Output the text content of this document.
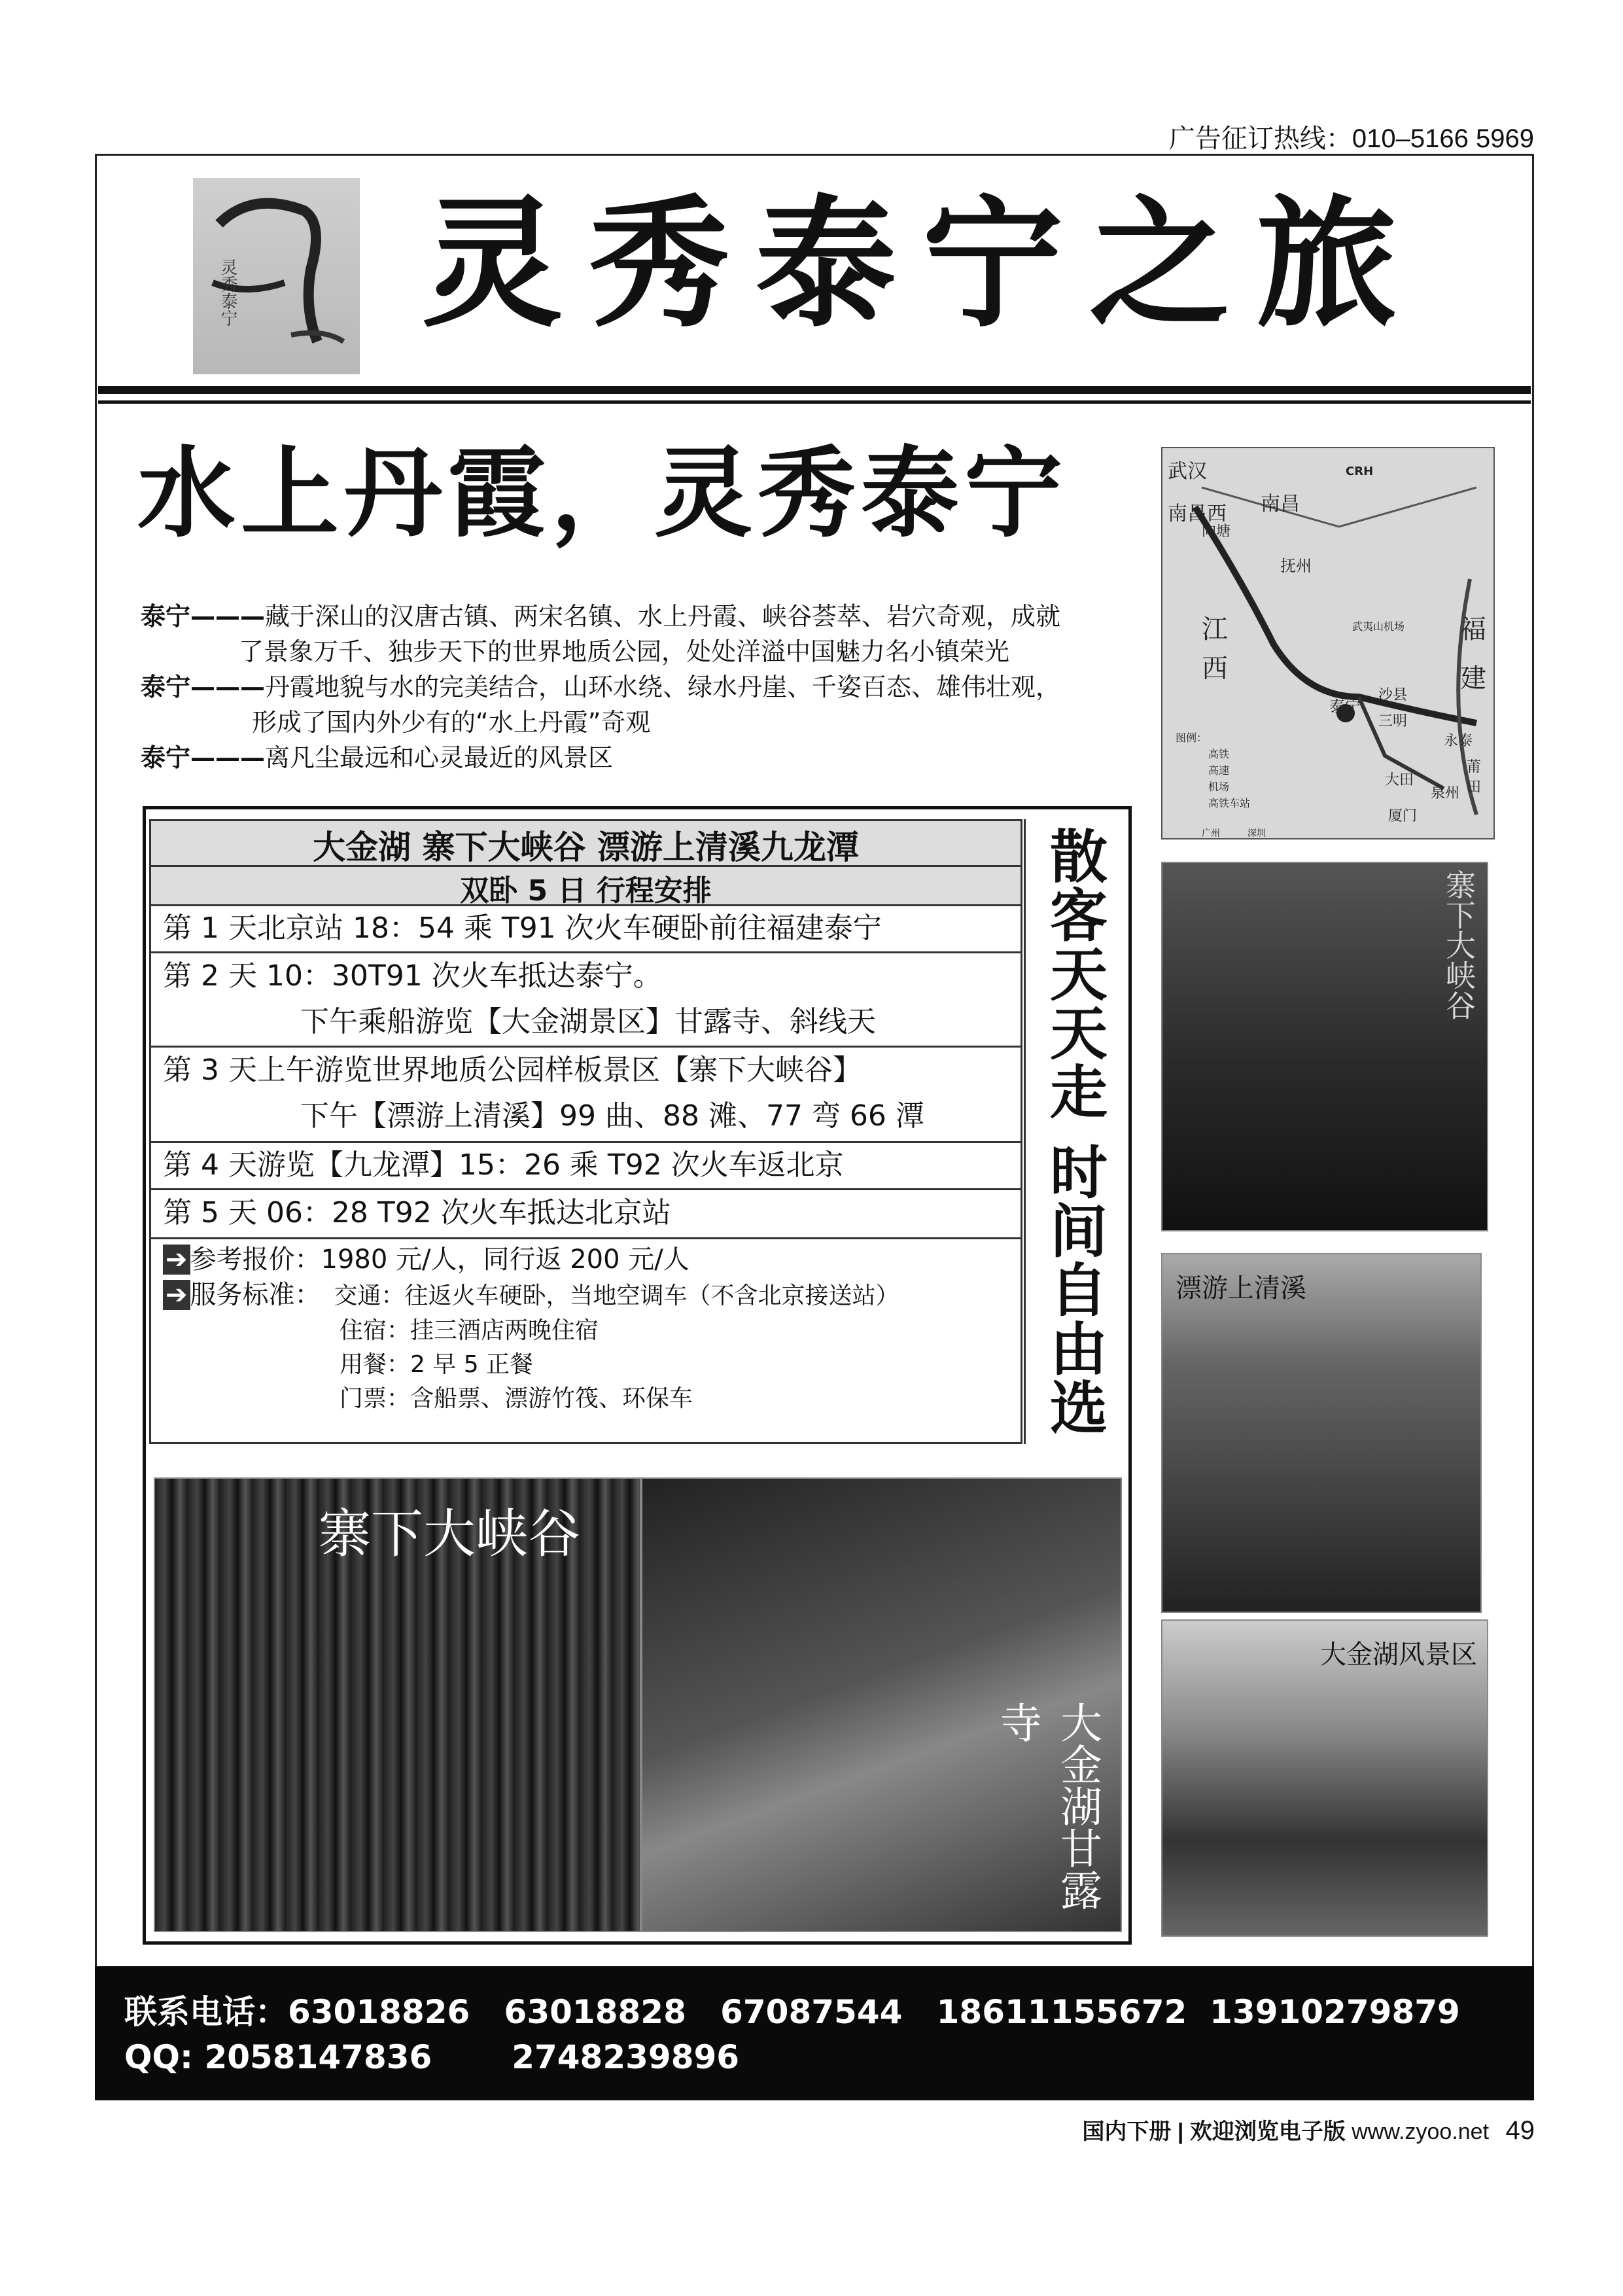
广告征订热线：010–5166 5969
灵秀泰宁 灵秀泰宁之旅
水上丹霞，灵秀泰宁
泰宁———藏于深山的汉唐古镇、两宋名镇、水上丹霞、峡谷荟萃、岩穴奇观，成就
了景象万千、独步天下的世界地质公园，处处洋溢中国魅力名小镇荣光
泰宁———丹霞地貌与水的完美结合，山环水绕、绿水丹崖、千姿百态、雄伟壮观，
形成了国内外少有的“水上丹霞”奇观
泰宁———离凡尘最远和心灵最近的风景区
武汉
南昌西 南昌
向塘
抚州
江
西
福
建
泰宁
沙县
三明
永泰
莆田
大田
泉州
厦门
广州	深圳
武夷山机场
CRH
图例：
高铁
高速
机场
高铁车站
寨下大峡谷
漂游上清溪
大金湖风景区
大金湖 寨下大峡谷 漂游上清溪九龙潭
双卧 5 日 行程安排
第 1 天北京站 18：54 乘 T91 次火车硬卧前往福建泰宁
第 2 天 10：30T91 次火车抵达泰宁。
下午乘船游览【大金湖景区】甘露寺、斜线天
第 3 天上午游览世界地质公园样板景区【寨下大峡谷】
下午【漂游上清溪】99 曲、88 滩、77 弯 66 潭
第 4 天游览【九龙潭】15：26 乘 T92 次火车返北京
第 5 天 06：28 T92 次火车抵达北京站
➔ 参考报价：1980 元/人，同行返 200 元/人
➔ 服务标准： 交通：往返火车硬卧，当地空调车（不含北京接送站）
住宿：挂三酒店两晚住宿
用餐：2 早 5 正餐
门票：含船票、漂游竹筏、环保车	散客天天走 时间自由选
寨下大峡谷
大金湖甘露寺
联系电话：63018826   63018828   67087544   18611155672  13910279879
QQ: 2058147836       2748239896
国内下册 | 欢迎浏览电子版 www.zyoo.net 49
